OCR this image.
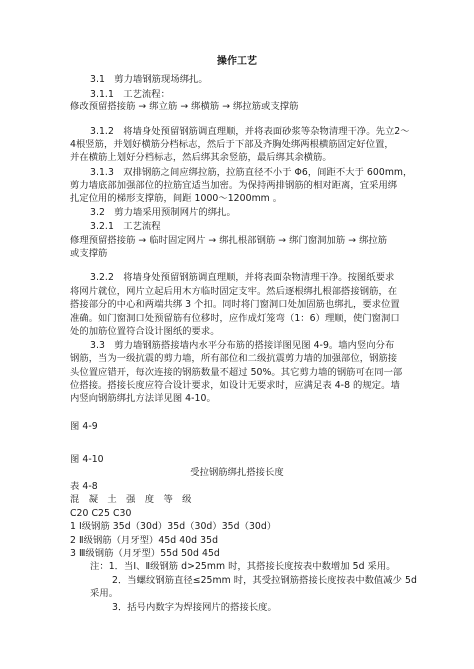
操作工艺
3.1　剪力墙钢筋现场绑扎。
3.1.1　工艺流程：
修改预留搭接筋 → 绑立筋 → 绑横筋 → 绑拉筋或支撑筋
3.1.2　将墙身处预留钢筋调直理顺，并将表面砂浆等杂物清理干净。先立2～
4根竖筋，并划好横筋分档标志，然后于下部及齐胸处绑两根横筋固定好位置，
并在横筋上划好分档标志，然后绑其余竖筋，最后绑其余横筋。
3.1.3　双排钢筋之间应绑拉筋，拉筋直径不小于 Φ6，间距不大于 600mm，
剪力墙底部加强部位的拉筋宜适当加密。为保持两排钢筋的相对距离，宜采用绑
扎定位用的梯形支撑筋，间距 1000～1200mm 。
3.2　剪力墙采用预制网片的绑扎。
3.2.1　工艺流程
修理预留搭接筋 → 临时固定网片 → 绑扎根部钢筋 → 绑门窗洞加筋 → 绑拉筋
或支撑筋
3.2.2　将墙身处预留钢筋调直理顺，并将表面杂物清理干净。按图纸要求
将网片就位，网片立起后用木方临时固定支牢。然后逐根绑扎根部搭接钢筋，在
搭接部分的中心和两端共绑 3 个扣。同时将门窗洞口处加固筋也绑扎，要求位置
准确。如门窗洞口处预留筋有位移时，应作成灯笼弯（1：6）理顺，使门窗洞口
处的加筋位置符合设计图纸的要求。
3.3　剪力墙钢筋搭接墙内水平分布筋的搭接详图见图 4-9。墙内竖向分布
钢筋，当为一级抗震的剪力墙，所有部位和二级抗震剪力墙的加强部位，钢筋接
头位置应错开，每次连接的钢筋数量不超过 50%。其它剪力墙的钢筋可在同一部
位搭接。搭接长度应符合设计要求，如设计无要求时，应满足表 4-8 的规定。墙
内竖向钢筋绑扎方法详见图 4-10。
图 4-9
图 4-10
受拉钢筋绑扎搭接长度
表 4-8
混　凝　土　强　度　等　级
C20 C25 C30
1 Ⅰ级钢筋 35d（30d）35d（30d）35d（30d）
2 Ⅱ级钢筋（月牙型）45d 40d 35d
3 Ⅲ级钢筋（月牙型）55d 50d 45d
注：1．当Ⅰ、Ⅱ级钢筋 d>25mm 时，其搭接长度按表中数增加 5d 采用。
2．当螺纹钢筋直径≤25mm 时，其受拉钢筋搭接长度按表中数值减少 5d
采用。
3．括号内数字为焊接网片的搭接长度。
